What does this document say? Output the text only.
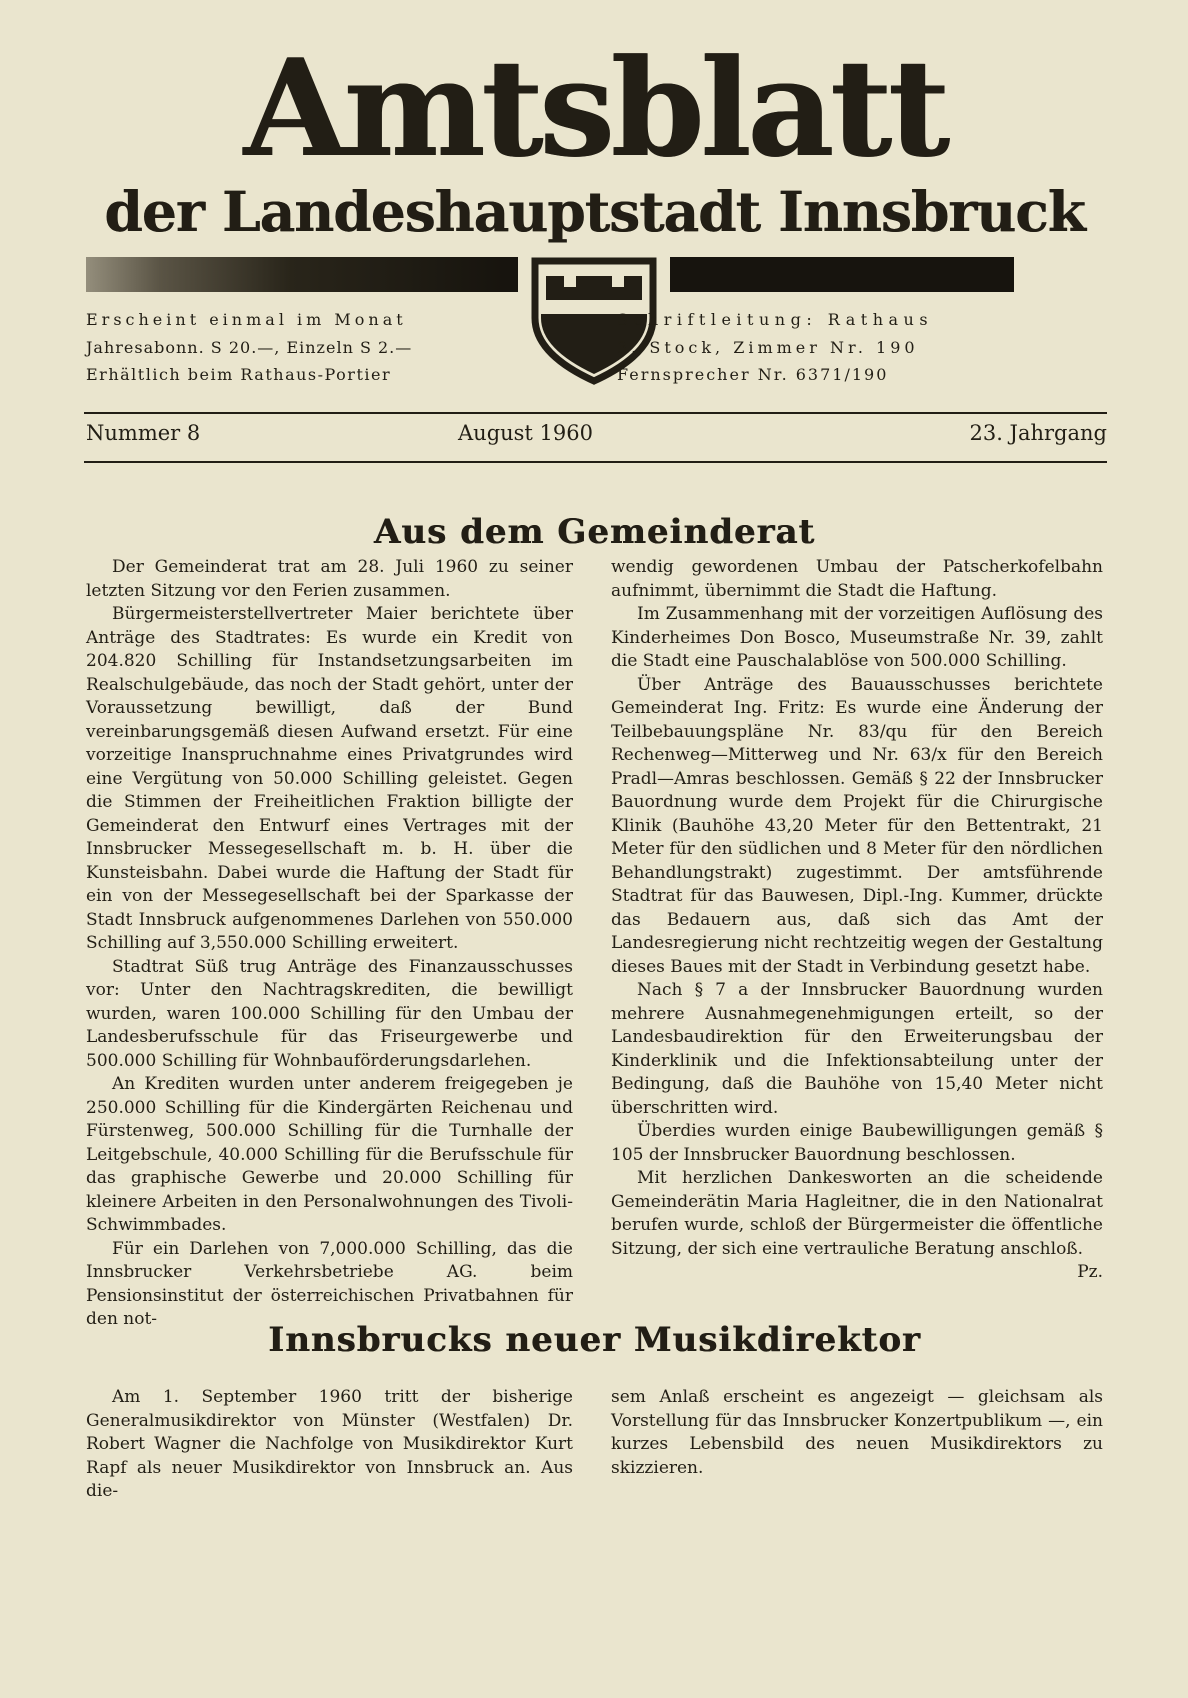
Amtsblatt
der Landeshauptstadt Innsbruck
Erscheint einmal im Monat
Jahresabonn. S 20.—, Einzeln S 2.—
Erhältlich beim Rathaus-Portier
Schriftleitung: Rathaus
3. Stock, Zimmer Nr. 190
Fernsprecher Nr. 6371/190
Nummer 8	August 1960	23. Jahrgang
Aus dem Gemeinderat

Der Gemeinderat trat am 28. Juli 1960 zu seiner letzten Sitzung vor den Ferien zusammen.

Bürgermeisterstellvertreter Maier berichtete über Anträge des Stadtrates: Es wurde ein Kredit von 204.820 Schilling für Instandsetzungsarbeiten im Realschulgebäude, das noch der Stadt gehört, unter der Voraussetzung bewilligt, daß der Bund vereinbarungsgemäß diesen Aufwand ersetzt. Für eine vorzeitige Inanspruchnahme eines Privatgrundes wird eine Vergütung von 50.000 Schilling geleistet. Gegen die Stimmen der Freiheitlichen Fraktion billigte der Gemeinderat den Entwurf eines Vertrages mit der Innsbrucker Messegesellschaft m. b. H. über die Kunsteisbahn. Dabei wurde die Haftung der Stadt für ein von der Messegesellschaft bei der Sparkasse der Stadt Innsbruck aufgenommenes Darlehen von 550.000 Schilling auf 3,550.000 Schilling erweitert.

Stadtrat Süß trug Anträge des Finanzausschusses vor: Unter den Nachtragskrediten, die bewilligt wurden, waren 100.000 Schilling für den Umbau der Landesberufsschule für das Friseurgewerbe und 500.000 Schilling für Wohnbauförderungsdarlehen.

An Krediten wurden unter anderem freigegeben je 250.000 Schilling für die Kindergärten Reichenau und Fürstenweg, 500.000 Schilling für die Turnhalle der Leitgebschule, 40.000 Schilling für die Berufsschule für das graphische Gewerbe und 20.000 Schilling für kleinere Arbeiten in den Personalwohnungen des Tivoli-Schwimmbades.

Für ein Darlehen von 7,000.000 Schilling, das die Innsbrucker Verkehrsbetriebe AG. beim Pensionsinstitut der österreichischen Privatbahnen für den not-

wendig gewordenen Umbau der Patscherkofelbahn aufnimmt, übernimmt die Stadt die Haftung.

Im Zusammenhang mit der vorzeitigen Auflösung des Kinderheimes Don Bosco, Museumstraße Nr. 39, zahlt die Stadt eine Pauschalablöse von 500.000 Schilling.

Über Anträge des Bauausschusses berichtete Gemeinderat Ing. Fritz: Es wurde eine Änderung der Teilbebauungspläne Nr. 83/qu für den Bereich Rechenweg—Mitterweg und Nr. 63/x für den Bereich Pradl—Amras beschlossen. Gemäß § 22 der Innsbrucker Bauordnung wurde dem Projekt für die Chirurgische Klinik (Bauhöhe 43,20 Meter für den Bettentrakt, 21 Meter für den südlichen und 8 Meter für den nördlichen Behandlungstrakt) zugestimmt. Der amtsführende Stadtrat für das Bauwesen, Dipl.-Ing. Kummer, drückte das Bedauern aus, daß sich das Amt der Landesregierung nicht rechtzeitig wegen der Gestaltung dieses Baues mit der Stadt in Verbindung gesetzt habe.

Nach § 7 a der Innsbrucker Bauordnung wurden mehrere Ausnahmegenehmigungen erteilt, so der Landesbaudirektion für den Erweiterungsbau der Kinderklinik und die Infektionsabteilung unter der Bedingung, daß die Bauhöhe von 15,40 Meter nicht überschritten wird.

Überdies wurden einige Baubewilligungen gemäß § 105 der Innsbrucker Bauordnung beschlossen.

Mit herzlichen Dankesworten an die scheidende Gemeinderätin Maria Hagleitner, die in den Nationalrat berufen wurde, schloß der Bürgermeister die öffentliche Sitzung, der sich eine vertrauliche Beratung anschloß.
Pz.

Innsbrucks neuer Musikdirektor

Am 1. September 1960 tritt der bisherige Generalmusikdirektor von Münster (Westfalen) Dr. Robert Wagner die Nachfolge von Musikdirektor Kurt Rapf als neuer Musikdirektor von Innsbruck an. Aus die-

sem Anlaß erscheint es angezeigt — gleichsam als Vorstellung für das Innsbrucker Konzertpublikum —, ein kurzes Lebensbild des neuen Musikdirektors zu skizzieren.
